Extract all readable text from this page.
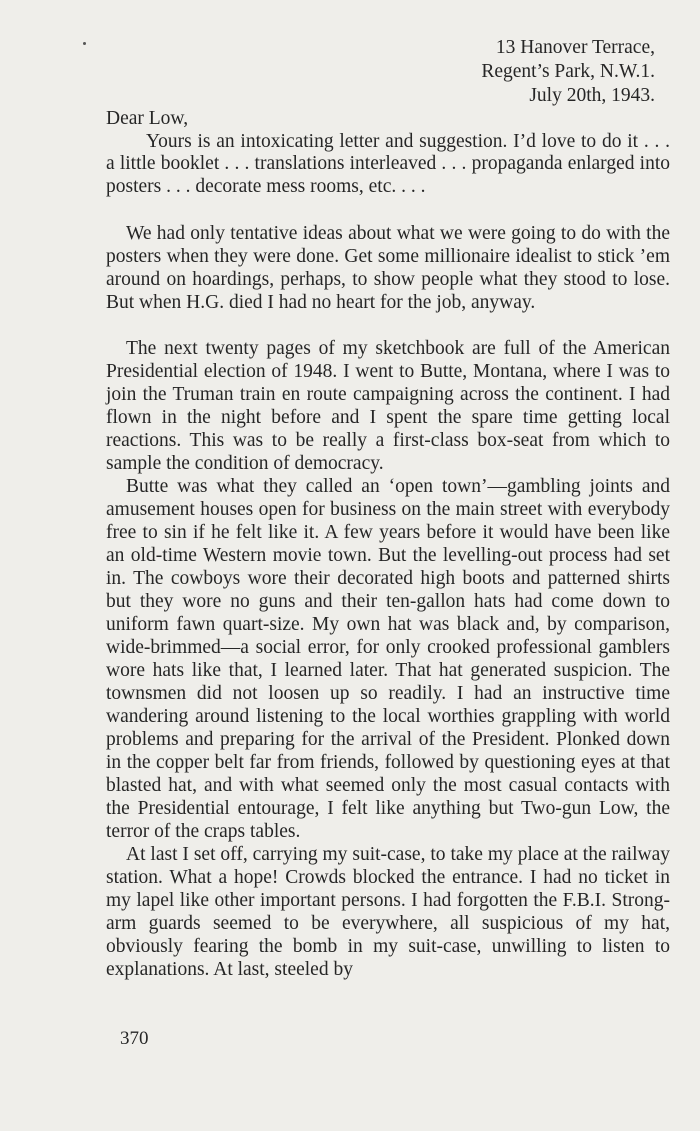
13 Hanover Terrace,
Regent’s Park, N.W.1.
July 20th, 1943.

Dear Low,

Yours is an intoxicating letter and suggestion. I’d love to do it . . . a little booklet . . . translations interleaved . . . propaganda enlarged into posters . . . decorate mess rooms, etc. . . .

We had only tentative ideas about what we were going to do with the posters when they were done. Get some millionaire idealist to stick ’em around on hoardings, perhaps, to show people what they stood to lose. But when H.G. died I had no heart for the job, anyway.

The next twenty pages of my sketchbook are full of the American Presidential election of 1948. I went to Butte, Montana, where I was to join the Truman train en route campaigning across the continent. I had flown in the night before and I spent the spare time getting local reactions. This was to be really a first-class box-seat from which to sample the condition of democracy.

Butte was what they called an ‘open town’—gambling joints and amusement houses open for business on the main street with everybody free to sin if he felt like it. A few years before it would have been like an old-time Western movie town. But the levelling-out process had set in. The cowboys wore their decorated high boots and patterned shirts but they wore no guns and their ten-gallon hats had come down to uniform fawn quart-size. My own hat was black and, by comparison, wide-brimmed—a social error, for only crooked professional gamblers wore hats like that, I learned later. That hat generated suspicion. The townsmen did not loosen up so readily. I had an instructive time wandering around listening to the local worthies grappling with world problems and preparing for the arrival of the President. Plonked down in the copper belt far from friends, followed by questioning eyes at that blasted hat, and with what seemed only the most casual contacts with the Presidential entourage, I felt like anything but Two-gun Low, the terror of the craps tables.

At last I set off, carrying my suit-case, to take my place at the railway station. What a hope! Crowds blocked the entrance. I had no ticket in my lapel like other important persons. I had forgotten the F.B.I. Strong-arm guards seemed to be everywhere, all suspicious of my hat, obviously fearing the bomb in my suit-case, unwilling to listen to explanations. At last, steeled by

370
